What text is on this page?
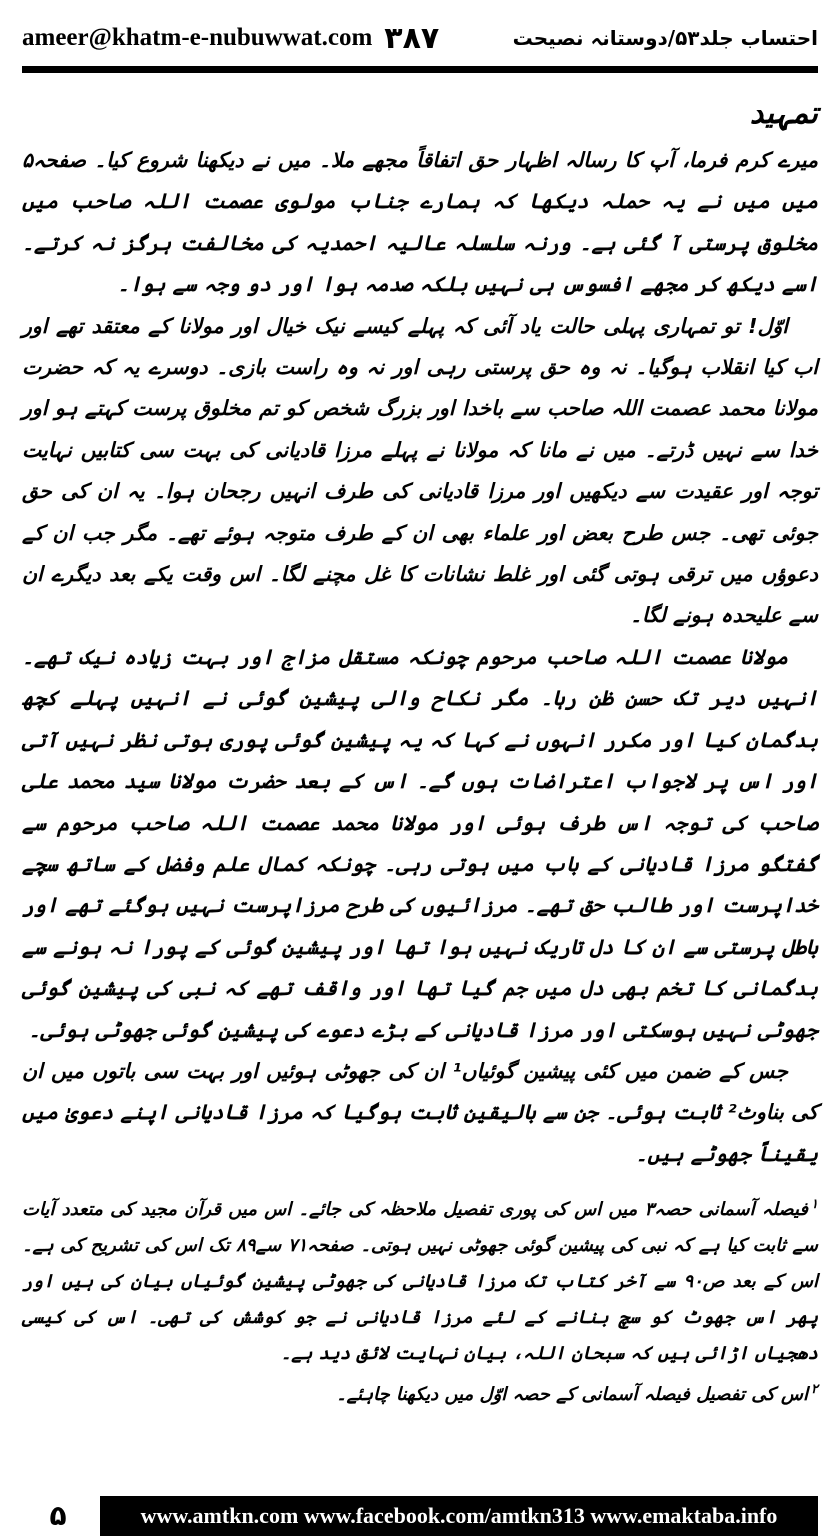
ameer@khatm-e-nubuwwat.com ۳۸۷	احتساب جلد۵۳/دوستانہ نصیحت

تمہید

میرے کرم فرما، آپ کا رسالہ اظہار حق اتفاقاً مجھے ملا۔ میں نے دیکھنا شروع کیا۔ صفحہ۵ میں میں نے یہ حملہ دیکھا کہ ہمارے جناب مولوی عصمت اللہ صاحب میں مخلوق پرستی آ گئی ہے۔ ورنہ سلسلہ عالیہ احمدیہ کی مخالفت ہرگز نہ کرتے۔ اسے دیکھ کر مجھے افسوس ہی نہیں بلکہ صدمہ ہوا اور دو وجہ سے ہوا۔

اوّل! تو تمہاری پہلی حالت یاد آئی کہ پہلے کیسے نیک خیال اور مولانا کے معتقد تھے اور اب کیا انقلاب ہوگیا۔ نہ وہ حق پرستی رہی اور نہ وہ راست بازی۔ دوسرے یہ کہ حضرت مولانا محمد عصمت اللہ صاحب سے باخدا اور بزرگ شخص کو تم مخلوق پرست کہتے ہو اور خدا سے نہیں ڈرتے۔ میں نے مانا کہ مولانا نے پہلے مرزا قادیانی کی بہت سی کتابیں نہایت توجہ اور عقیدت سے دیکھیں اور مرزا قادیانی کی طرف انہیں رجحان ہوا۔ یہ ان کی حق جوئی تھی۔ جس طرح بعض اور علماء بھی ان کے طرف متوجہ ہوئے تھے۔ مگر جب ان کے دعوؤں میں ترقی ہوتی گئی اور غلط نشانات کا غل مچنے لگا۔ اس وقت یکے بعد دیگرے ان سے علیحدہ ہونے لگا۔

مولانا عصمت اللہ صاحب مرحوم چونکہ مستقل مزاج اور بہت زیادہ نیک تھے۔ انہیں دیر تک حسن ظن رہا۔ مگر نکاح والی پیشین گوئی نے انہیں پہلے کچھ بدگمان کیا اور مکرر انہوں نے کہا کہ یہ پیشین گوئی پوری ہوتی نظر نہیں آتی اور اس پر لاجواب اعتراضات ہوں گے۔ اس کے بعد حضرت مولانا سید محمد علی صاحب کی توجہ اس طرف ہوئی اور مولانا محمد عصمت اللہ صاحب مرحوم سے گفتگو مرزا قادیانی کے باب میں ہوتی رہی۔ چونکہ کمال علم وفضل کے ساتھ سچے خداپرست اور طالب حق تھے۔ مرزائیوں کی طرح مرزاپرست نہیں ہوگئے تھے اور باطل پرستی سے ان کا دل تاریک نہیں ہوا تھا اور پیشین گوئی کے پورا نہ ہونے سے بدگمانی کا تخم بھی دل میں جم گیا تھا اور واقف تھے کہ نبی کی پیشین گوئی جھوٹی نہیں ہوسکتی اور مرزا قادیانی کے بڑے دعوے کی پیشین گوئی جھوٹی ہوئی۔

جس کے ضمن میں کئی پیشین گوئیاں¹ ان کی جھوٹی ہوئیں اور بہت سی باتوں میں ان کی بناوٹ² ثابت ہوئی۔ جن سے بالیقین ثابت ہوگیا کہ مرزا قادیانی اپنے دعویٰ میں یقیناً جھوٹے ہیں۔

$^۱$فیصلہ آسمانی حصہ۳ میں اس کی پوری تفصیل ملاحظہ کی جائے۔ اس میں قرآن مجید کی متعدد آیات سے ثابت کیا ہے کہ نبی کی پیشین گوئی جھوٹی نہیں ہوتی۔ صفحہ۷۱ سے۸۹ تک اس کی تشریح کی ہے۔ اس کے بعد ص۹۰ سے آخر کتاب تک مرزا قادیانی کی جھوٹی پیشین گوئیاں بیان کی ہیں اور پھر اس جھوٹ کو سچ بنانے کے لئے مرزا قادیانی نے جو کوشش کی تھی۔ اس کی کیسی دھجیاں اڑائی ہیں کہ سبحان اللہ، بیان نہایت لائق دید ہے۔

$^۲$اس کی تفصیل فیصلہ آسمانی کے حصہ اوّل میں دیکھنا چاہئے۔

۵	www.amtkn.com www.facebook.com/amtkn313 www.emaktaba.info
